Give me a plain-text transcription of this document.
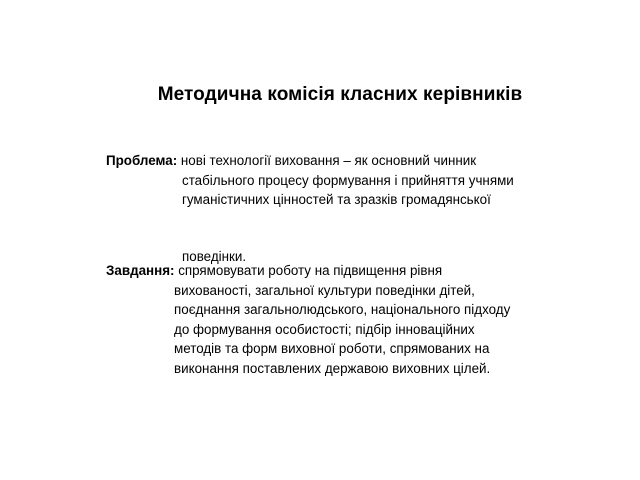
Методична комісія класних керівників
Проблема: нові технології виховання – як основний чинник
стабільного процесу формування і прийняття учнями
гуманістичних цінностей та зразків громадянської
поведінки.
Завдання: спрямовувати роботу на підвищення рівня
вихованості, загальної культури поведінки дітей,
поєднання загальнолюдського, національного підходу
до формування особистості; підбір інноваційних
методів та форм виховної роботи, спрямованих на
виконання поставлених державою виховних цілей.
